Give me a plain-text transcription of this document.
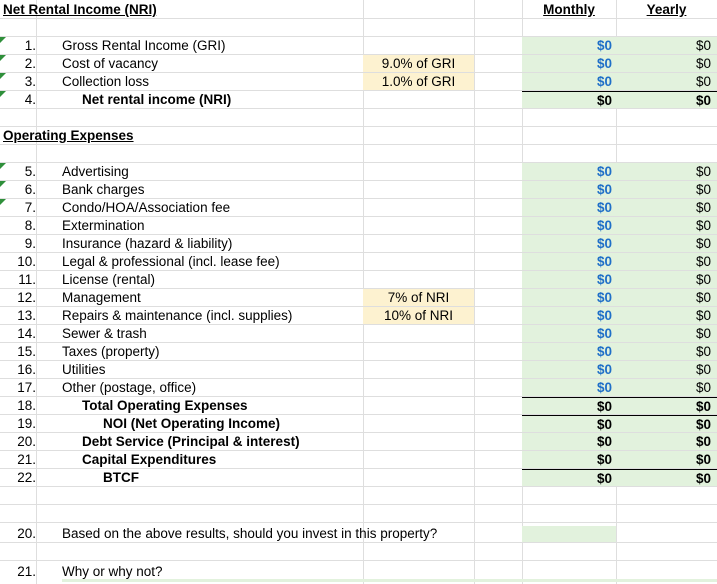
Net Rental Income (NRI)	Monthly	Yearly
1. Gross Rental Income (GRI)	$0	$0
2. Cost of vacancy	9.0% of GRI	$0	$0
3. Collection loss	1.0% of GRI	$0	$0
4.	Net rental income (NRI)	$0	$0
Operating Expenses
5. Advertising	$0	$0
6. Bank charges	$0	$0
7. Condo/HOA/Association fee	$0	$0
8. Extermination	$0	$0
9. Insurance (hazard & liability)	$0	$0
10. Legal & professional (incl. lease fee)	$0	$0
11. License (rental)	$0	$0
12. Management	7% of NRI	$0	$0
13. Repairs & maintenance (incl. supplies)	10% of NRI	$0	$0
14. Sewer & trash	$0	$0
15. Taxes (property)	$0	$0
16. Utilities	$0	$0
17. Other (postage, office)	$0	$0
18.	Total Operating Expenses	$0	$0
19.	NOI (Net Operating Income)	$0	$0
20.	Debt Service (Principal & interest)	$0	$0
21.	Capital Expenditures	$0	$0
22.	BTCF	$0	$0
20. Based on the above results, should you invest in this property?
21. Why or why not?
